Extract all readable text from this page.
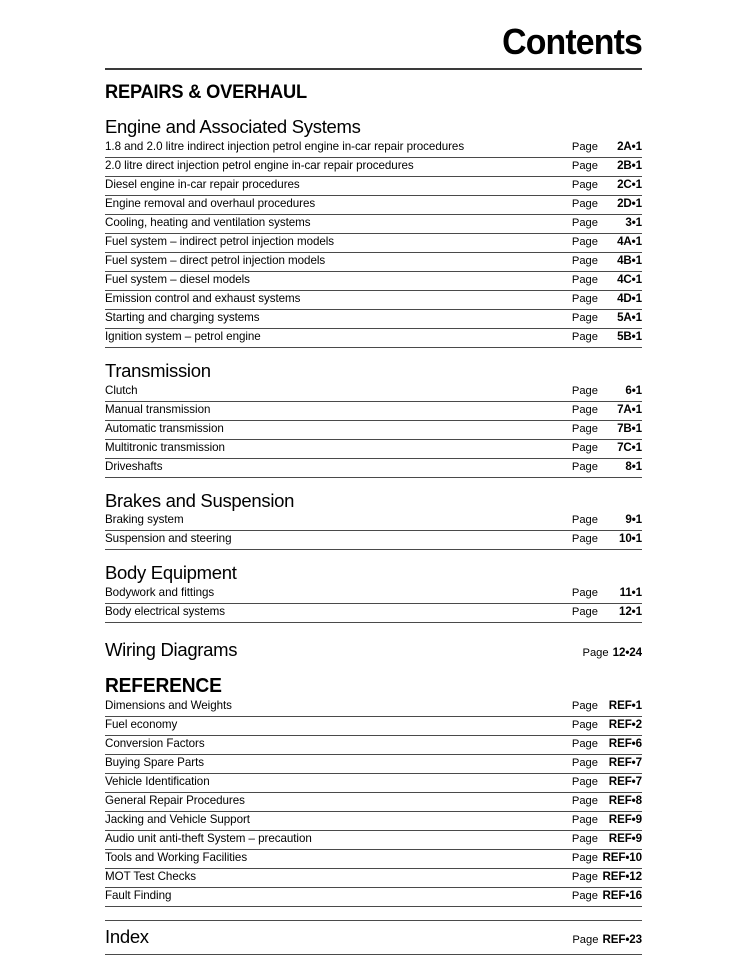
Contents
REPAIRS & OVERHAUL
Engine and Associated Systems
1.8 and 2.0 litre indirect injection petrol engine in-car repair procedures	Page	2A•1
2.0 litre direct injection petrol engine in-car repair procedures	Page	2B•1
Diesel engine in-car repair procedures	Page	2C•1
Engine removal and overhaul procedures	Page	2D•1
Cooling, heating and ventilation systems	Page	3•1
Fuel system – indirect petrol injection models	Page	4A•1
Fuel system – direct petrol injection models	Page	4B•1
Fuel system – diesel models	Page	4C•1
Emission control and exhaust systems	Page	4D•1
Starting and charging systems	Page	5A•1
Ignition system – petrol engine	Page	5B•1
Transmission
Clutch	Page	6•1
Manual transmission	Page	7A•1
Automatic transmission	Page	7B•1
Multitronic transmission	Page	7C•1
Driveshafts	Page	8•1
Brakes and Suspension
Braking system	Page	9•1
Suspension and steering	Page	10•1
Body Equipment
Bodywork and fittings	Page	11•1
Body electrical systems	Page	12•1
Wiring Diagrams	Page 12•24
REFERENCE
Dimensions and Weights	Page REF•1
Fuel economy	Page REF•2
Conversion Factors	Page REF•6
Buying Spare Parts	Page REF•7
Vehicle Identification	Page REF•7
General Repair Procedures	Page REF•8
Jacking and Vehicle Support	Page REF•9
Audio unit anti-theft System – precaution	Page REF•9
Tools and Working Facilities	Page REF•10
MOT Test Checks	Page REF•12
Fault Finding	Page REF•16
Index	Page REF•23
